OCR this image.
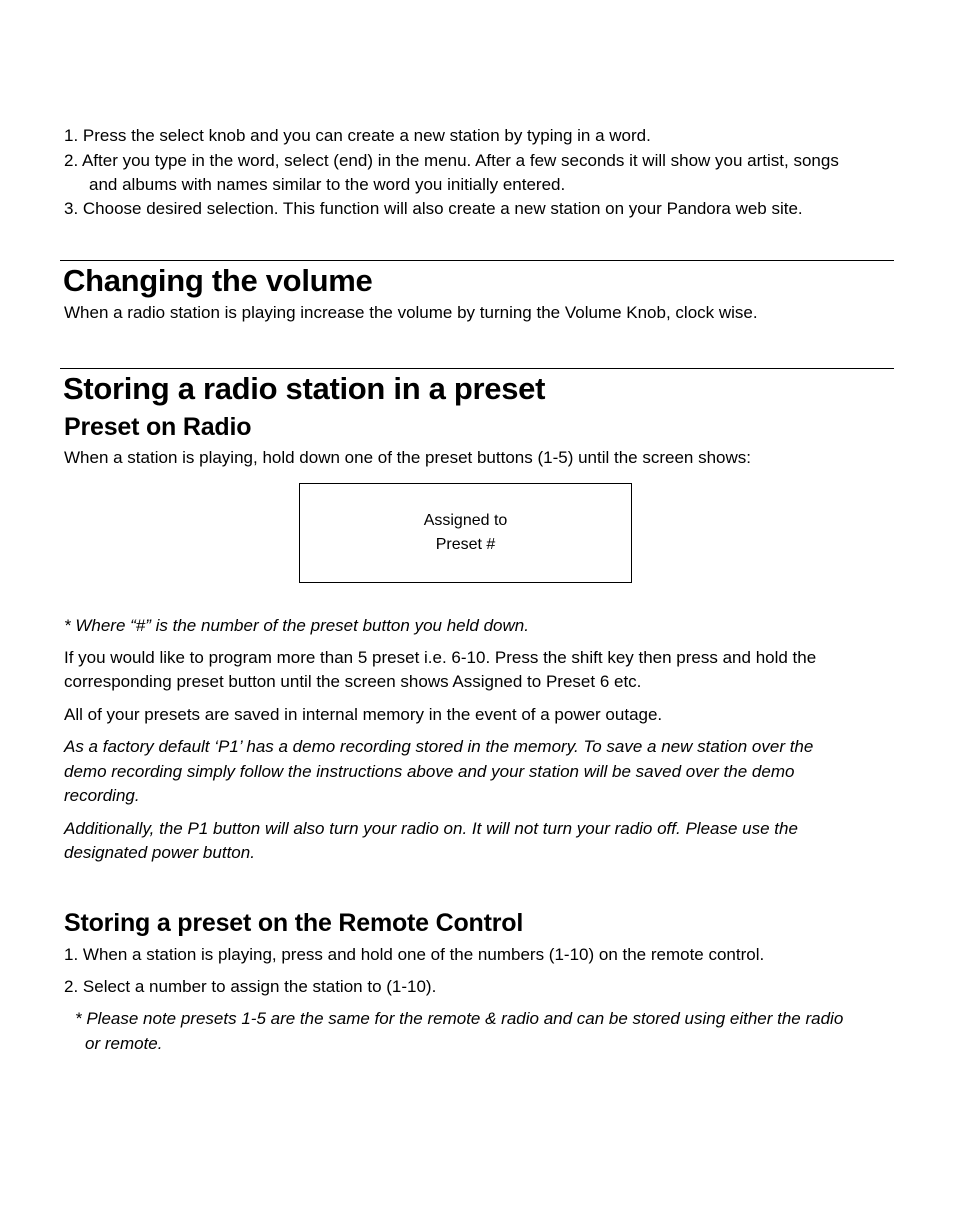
1. Press the select knob and you can create a new station by typing in a word.

2. After you type in the word, select (end) in the menu. After a few seconds it will show you artist, songs

and albums with names similar to the word you initially entered.

3. Choose desired selection. This function will also create a new station on your Pandora web site.

Changing the volume

When a radio station is playing increase the volume by turning the Volume Knob, clock wise.

Storing a radio station in a preset
Preset on Radio

When a station is playing, hold down one of the preset buttons (1-5) until the screen shows:

Assigned to
Preset #

* Where “#” is the number of the preset button you held down.

If you would like to program more than 5 preset i.e. 6-10. Press the shift key then press and hold the

corresponding preset button until the screen shows Assigned to Preset 6 etc.

All of your presets are saved in internal memory in the event of a power outage.

As a factory default ‘P1’ has a demo recording stored in the memory. To save a new station over the

demo recording simply follow the instructions above and your station will be saved over the demo

recording.

Additionally, the P1 button will also turn your radio on. It will not turn your radio off. Please use the

designated power button.

Storing a preset on the Remote Control

1. When a station is playing, press and hold one of the numbers (1-10) on the remote control.

2. Select a number to assign the station to (1-10).

* Please note presets 1-5 are the same for the remote & radio and can be stored using either the radio

or remote.
